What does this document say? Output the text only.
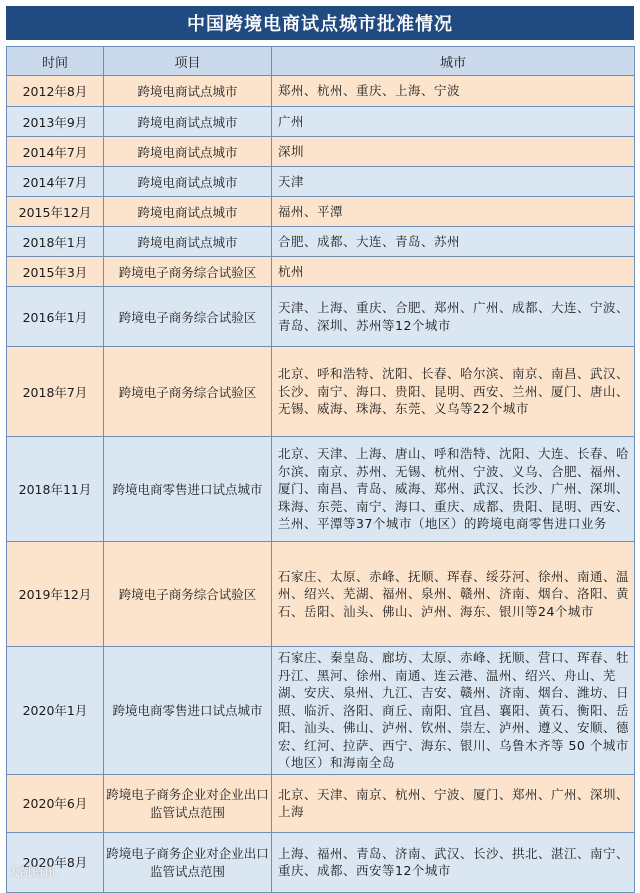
中国跨境电商试点城市批准情况
时间	项目	城市
2012年8月	跨境电商试点城市	郑州、杭州、重庆、上海、宁波
2013年9月	跨境电商试点城市	广州
2014年7月	跨境电商试点城市	深圳
2014年7月	跨境电商试点城市	天津
2015年12月	跨境电商试点城市	福州、平潭
2018年1月	跨境电商试点城市	合肥、成都、大连、青岛、苏州
2015年3月	跨境电子商务综合试验区	杭州
2016年1月	跨境电子商务综合试验区	天津、上海、重庆、合肥、郑州、广州、成都、大连、宁波、青岛、深圳、苏州等12个城市
2018年7月	跨境电子商务综合试验区	北京、呼和浩特、沈阳、长春、哈尔滨、南京、南昌、武汉、长沙、南宁、海口、贵阳、昆明、西安、兰州、厦门、唐山、无锡、威海、珠海、东莞、义乌等22个城市
2018年11月	跨境电商零售进口试点城市	北京、天津、上海、唐山、呼和浩特、沈阳、大连、长春、哈尔滨、南京、苏州、无锡、杭州、宁波、义乌、合肥、福州、厦门、南昌、青岛、威海、郑州、武汉、长沙、广州、深圳、珠海、东莞、南宁、海口、重庆、成都、贵阳、昆明、西安、兰州、平潭等37个城市（地区）的跨境电商零售进口业务
2019年12月	跨境电子商务综合试验区	石家庄、太原、赤峰、抚顺、珲春、绥芬河、徐州、南通、温州、绍兴、芜湖、福州、泉州、赣州、济南、烟台、洛阳、黄石、岳阳、汕头、佛山、泸州、海东、银川等24个城市
2020年1月	跨境电商零售进口试点城市	石家庄、秦皇岛、廊坊、太原、赤峰、抚顺、营口、珲春、牡丹江、黑河、徐州、南通、连云港、温州、绍兴、舟山、芜湖、安庆、泉州、九江、吉安、赣州、济南、烟台、潍坊、日照、临沂、洛阳、商丘、南阳、宜昌、襄阳、黄石、衡阳、岳阳、汕头、佛山、泸州、钦州、崇左、泸州、遵义、安顺、德宏、红河、拉萨、西宁、海东、银川、乌鲁木齐等 50 个城市（地区）和海南全岛
2020年6月	跨境电子商务企业对企业出口监管试点范围	北京、天津、南京、杭州、宁波、厦门、郑州、广州、深圳、上海
2020年8月	跨境电子商务企业对企业出口监管试点范围	上海、福州、青岛、济南、武汉、长沙、拱北、湛江、南宁、重庆、成都、西安等12个城市
大凯资讯
